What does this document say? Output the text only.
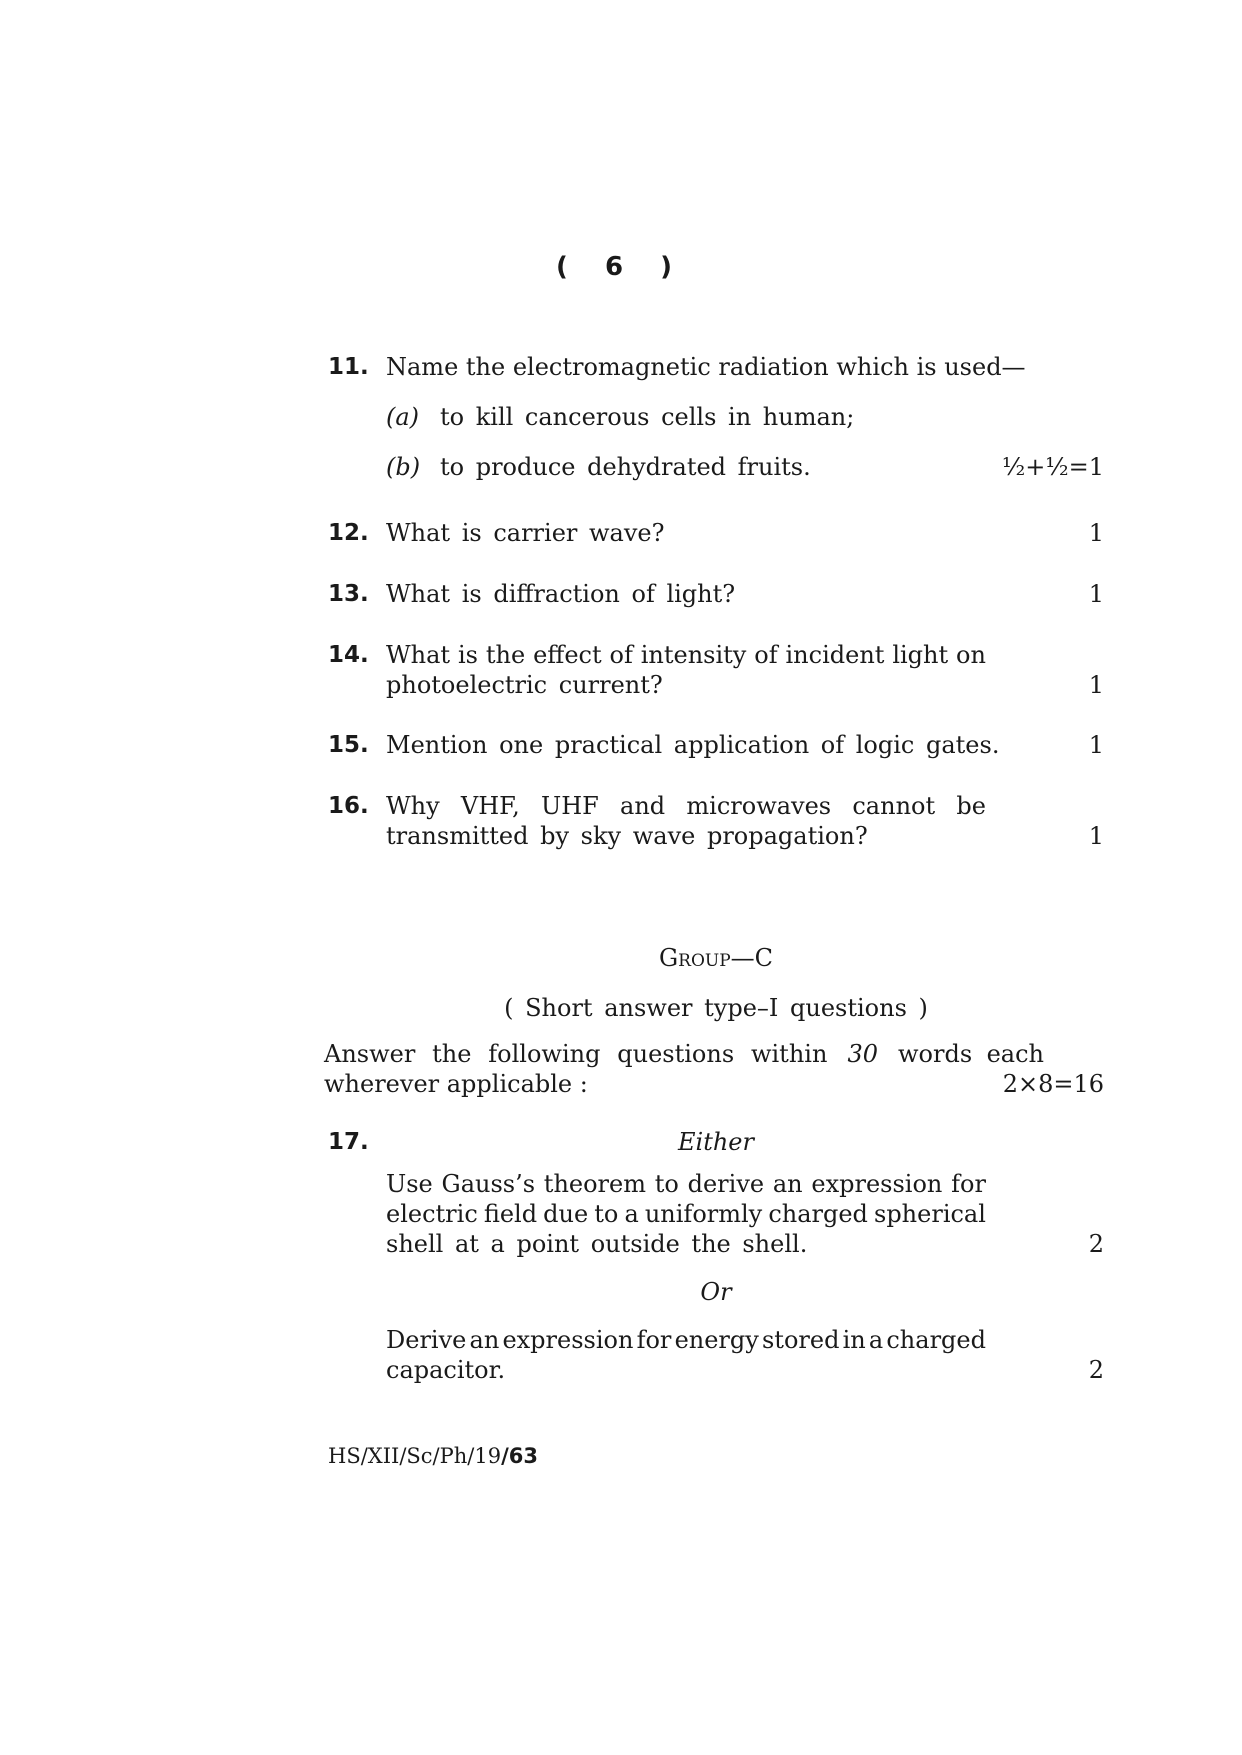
( 6 )
11. Name the electromagnetic radiation which is used—
(a) to kill cancerous cells in human;
(b) to produce dehydrated fruits.	½+½=1
12. What is carrier wave?	1
13. What is diffraction of light?	1
14. What is the effect of intensity of incident light on
photoelectric current?	1
15. Mention one practical application of logic gates.	1
16. Why VHF, UHF and microwaves cannot be
transmitted by sky wave propagation?	1
Group—C
( Short answer type–I questions )
Answer the following questions within 30 words each
wherever applicable :	2×8=16
17.	Either
Use Gauss’s theorem to derive an expression for
electric field due to a uniformly charged spherical
shell at a point outside the shell.	2
Or
Derive an expression for energy stored in a charged
capacitor.	2
HS/XII/Sc/Ph/19/63
